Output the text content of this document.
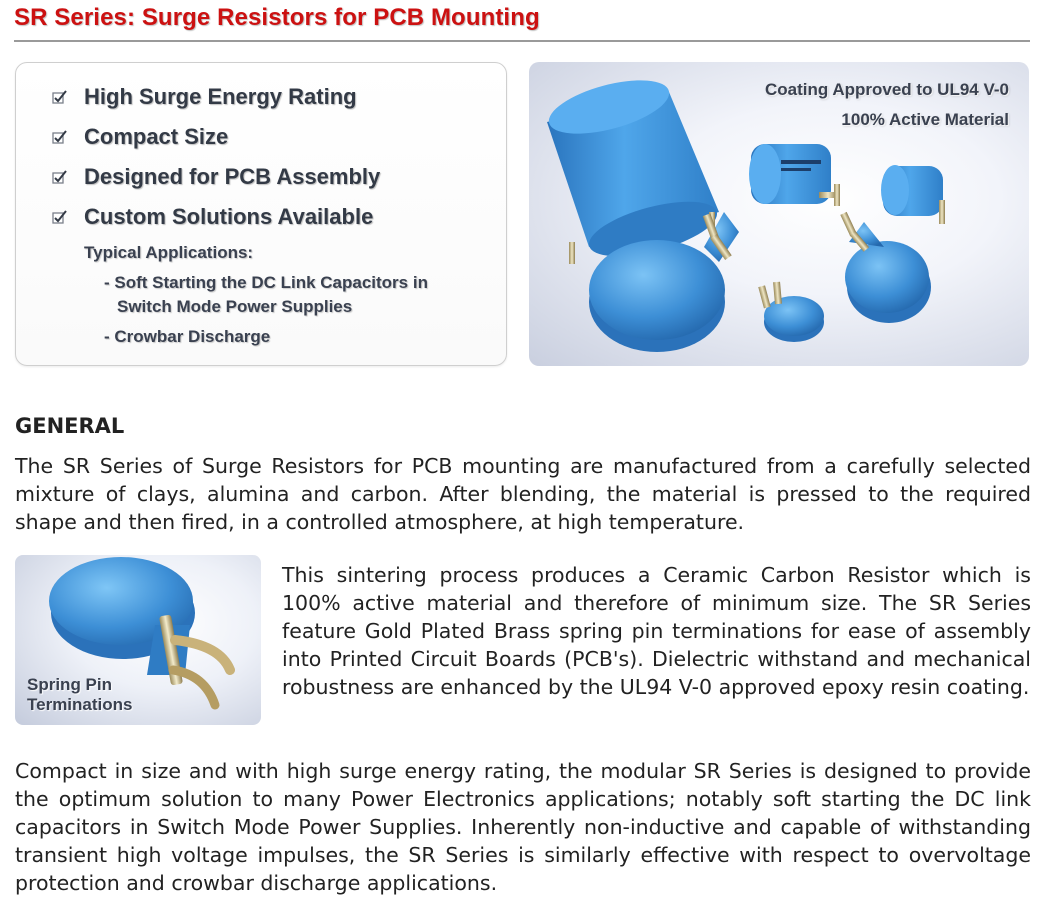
SR Series: Surge Resistors for PCB Mounting
High Surge Energy Rating
Compact Size
Designed for PCB Assembly
Custom Solutions Available
Typical Applications:
- Soft Starting the DC Link Capacitors in
Switch Mode Power Supplies
- Crowbar Discharge
Coating Approved to UL94 V-0
100% Active Material
GENERAL

The SR Series of Surge Resistors for PCB mounting are manufactured from a carefully selected mixture of clays, alumina and carbon. After blending, the material is pressed to the required shape and then fired, in a controlled atmosphere, at high temperature.

Spring Pin
Terminations

This sintering process produces a Ceramic Carbon Resistor which is 100% active material and therefore of minimum size. The SR Series feature Gold Plated Brass spring pin terminations for ease of assembly into Printed Circuit Boards (PCB's). Dielectric withstand and mechanical robustness are enhanced by the UL94 V-0 approved epoxy resin coating.

Compact in size and with high surge energy rating, the modular SR Series is designed to provide the optimum solution to many Power Electronics applications; notably soft starting the DC link capacitors in Switch Mode Power Supplies. Inherently non-inductive and capable of withstanding transient high voltage impulses, the SR Series is similarly effective with respect to overvoltage protection and crowbar discharge applications.
